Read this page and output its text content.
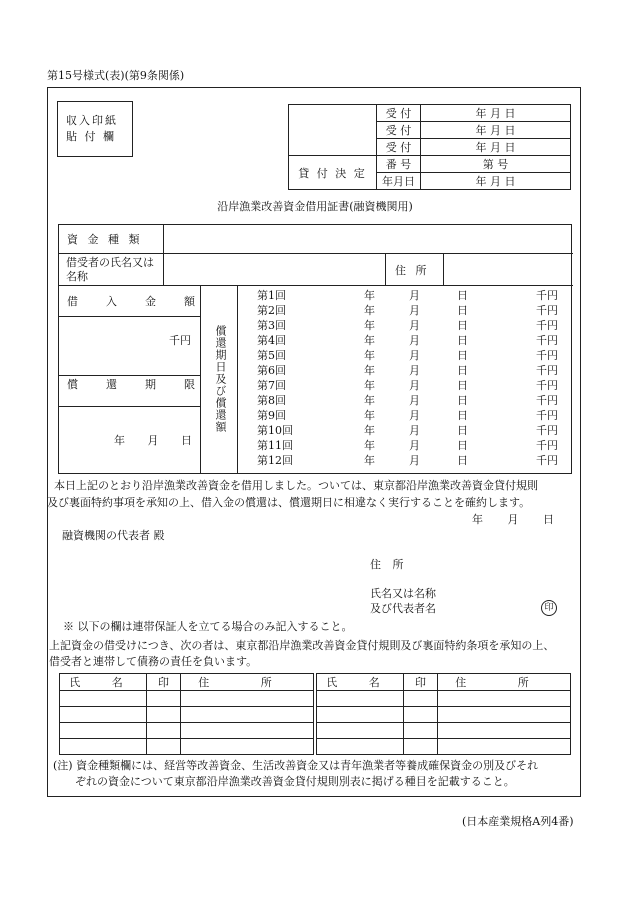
第15号様式(表)(第9条関係)
収入印紙
貼 付 欄
	受 付	年 月 日
	受 付	年 月 日
	受 付	年 月 日
貸 付 決 定	番 号	第 号
	年月日	年 月 日
沿岸漁業改善資金借用証書(融資機関用)
資 金 種 類
借受者の氏名又は名称	住 所
借 入 金 額
千円
償 還 期 限
年 月 日
償還期日及び償還額
第1回	年	月	日	千円
第2回	年	月	日	千円
第3回	年	月	日	千円
第4回	年	月	日	千円
第5回	年	月	日	千円
第6回	年	月	日	千円
第7回	年	月	日	千円
第8回	年	月	日	千円
第9回	年	月	日	千円
第10回	年	月	日	千円
第11回	年	月	日	千円
第12回	年	月	日	千円
本日上記のとおり沿岸漁業改善資金を借用しました。ついては、東京都沿岸漁業改善資金貸付規則
及び裏面特約事項を承知の上、借入金の償還は、償還期日に相違なく実行することを確約します。
年 月 日
融資機関の代表者 殿
住 所
氏名又は名称
及び代表者名	印
※ 以下の欄は連帯保証人を立てる場合のみ記入すること。
上記資金の借受けにつき、次の者は、東京都沿岸漁業改善資金貸付規則及び裏面特約条項を承知の上、
借受者と連帯して債務の責任を負います。
氏 名	印	住 所

			氏 名	印	住 所

(注) 資金種類欄には、経営等改善資金、生活改善資金又は青年漁業者等養成確保資金の別及びそれ
ぞれの資金について東京都沿岸漁業改善資金貸付規則別表に掲げる種目を記載すること。
(日本産業規格A列4番)
